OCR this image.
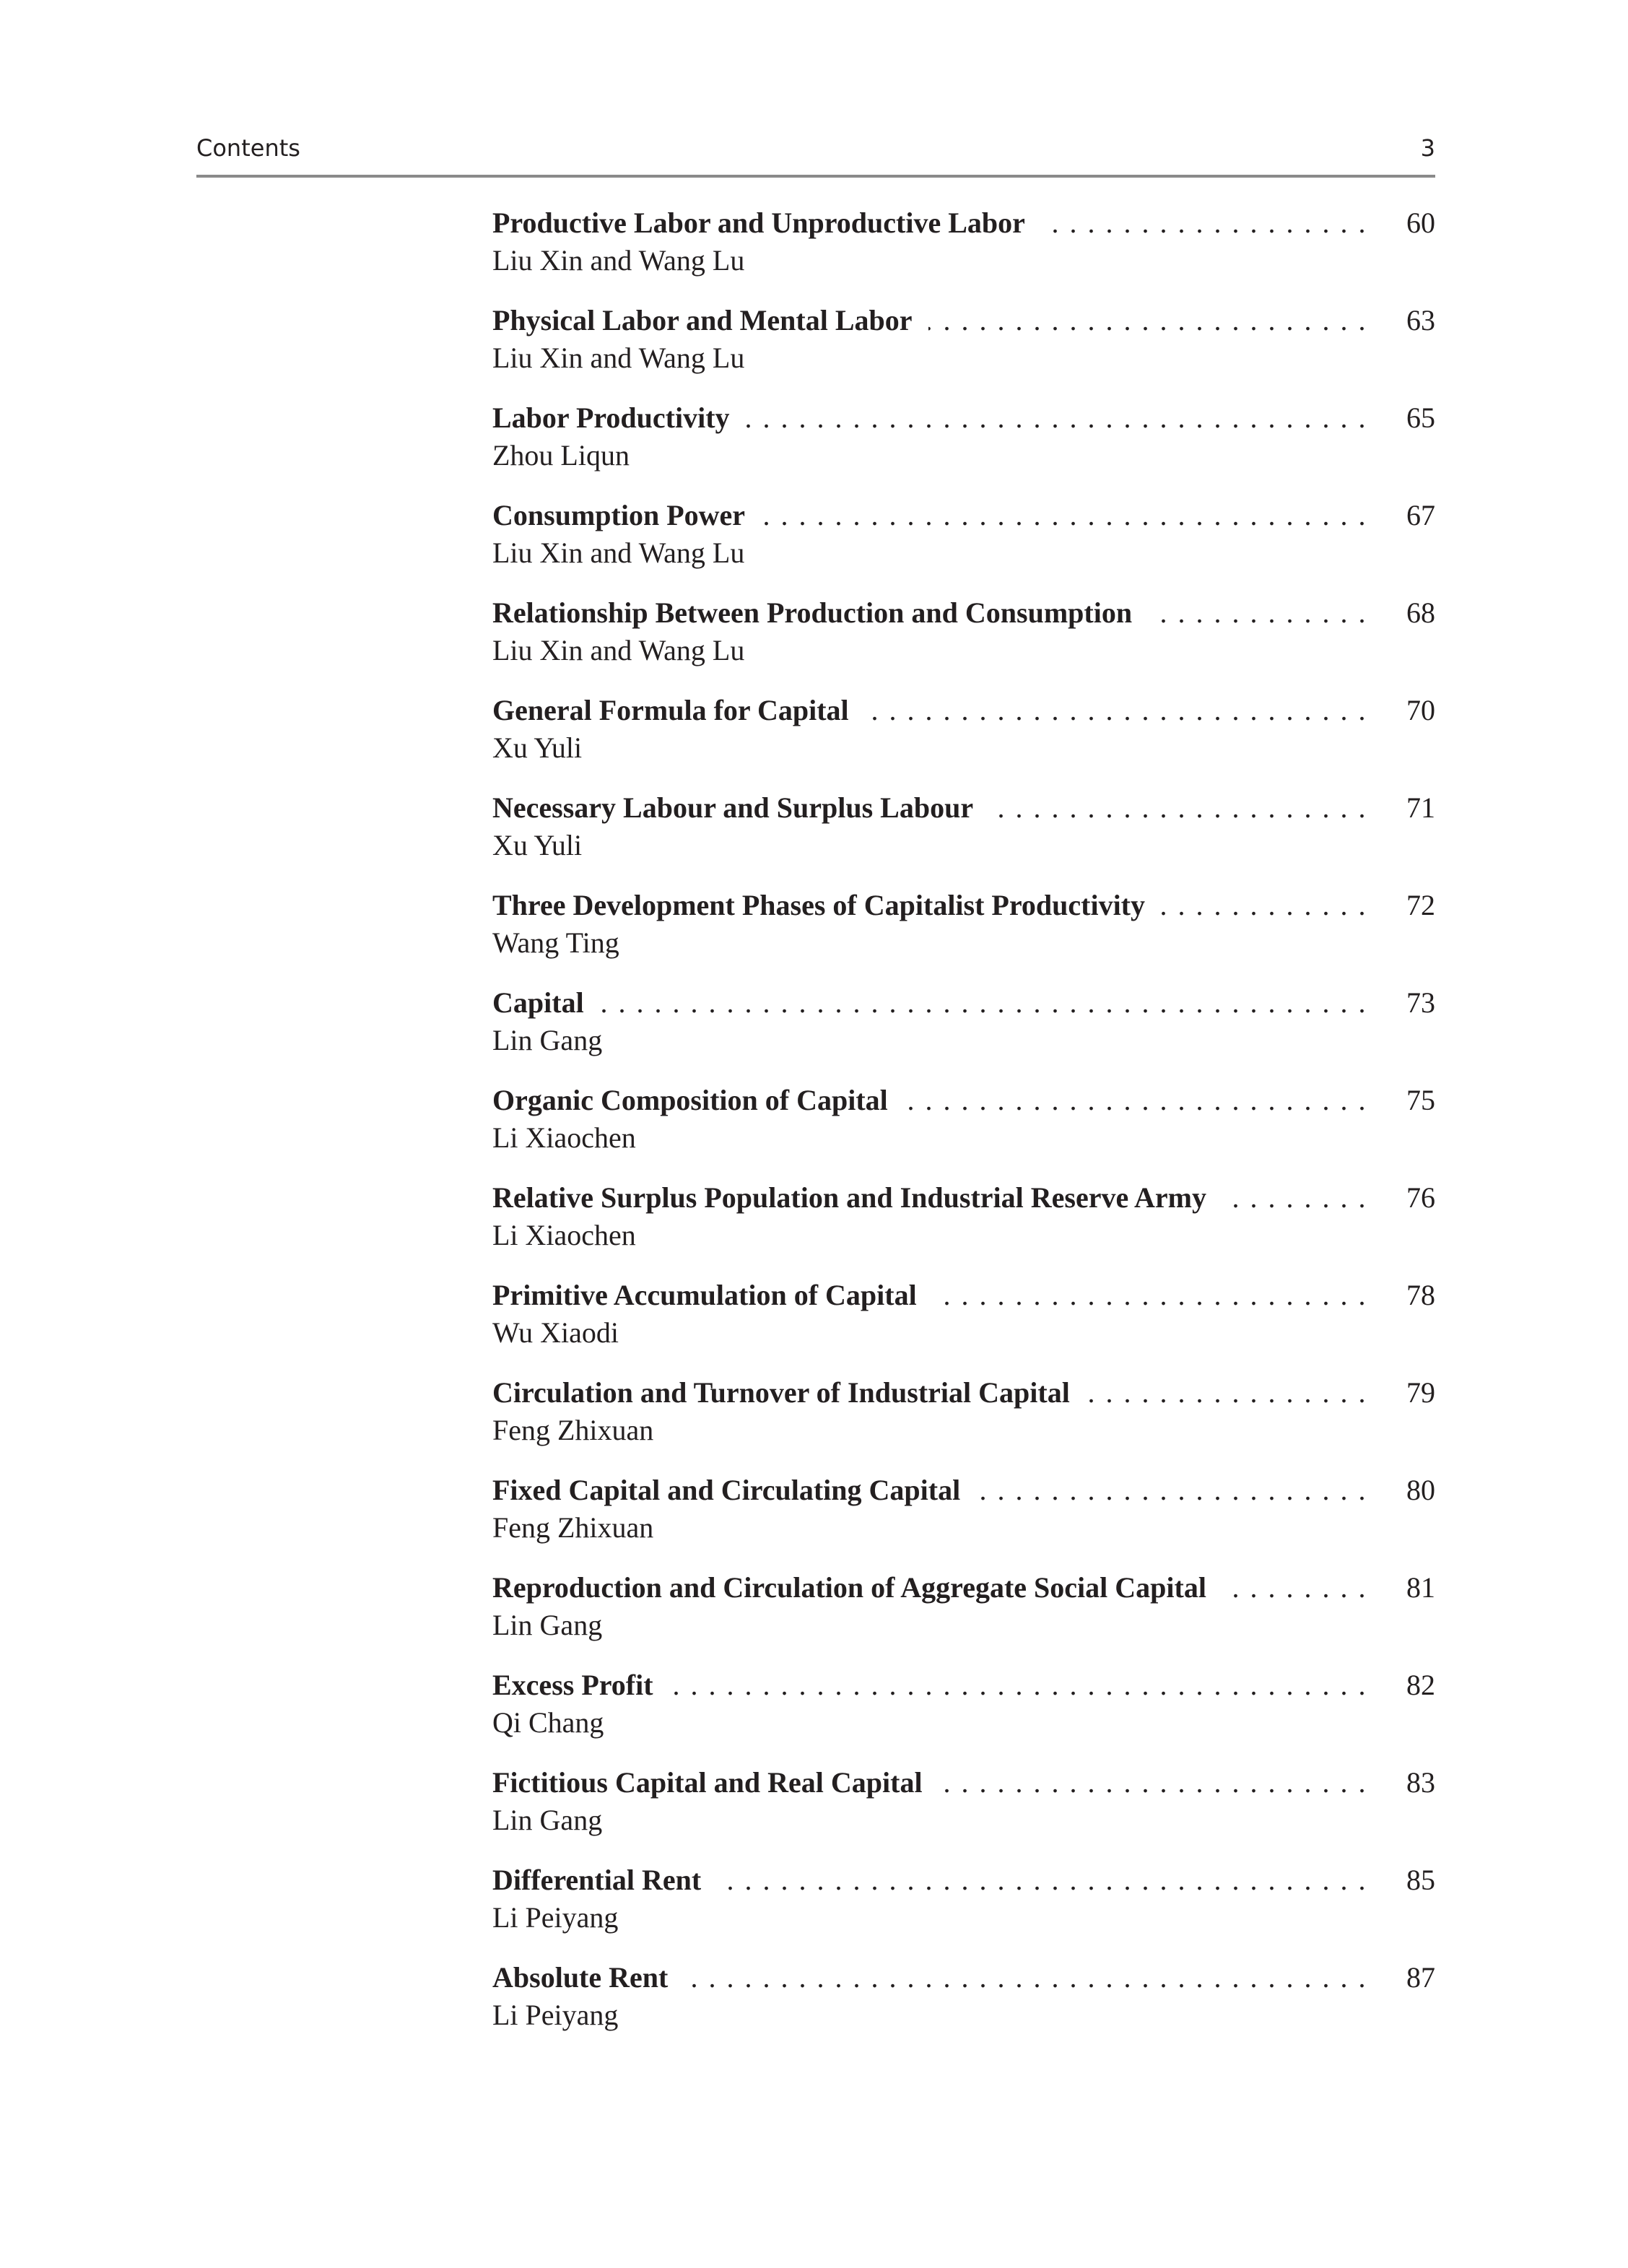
Contents	3
Productive Labor and Unproductive Labor . . .	60
Liu Xin and Wang Lu
Physical Labor and Mental Labor . . .	63
Liu Xin and Wang Lu
Labor Productivity . . .	65
Zhou Liqun
Consumption Power . . .	67
Liu Xin and Wang Lu
Relationship Between Production and Consumption . . .	68
Liu Xin and Wang Lu
General Formula for Capital . . .	70
Xu Yuli
Necessary Labour and Surplus Labour . . .	71
Xu Yuli
Three Development Phases of Capitalist Productivity . . .	72
Wang Ting
Capital . . .	73
Lin Gang
Organic Composition of Capital . . .	75
Li Xiaochen
Relative Surplus Population and Industrial Reserve Army . . .	76
Li Xiaochen
Primitive Accumulation of Capital . . .	78
Wu Xiaodi
Circulation and Turnover of Industrial Capital . . .	79
Feng Zhixuan
Fixed Capital and Circulating Capital . . .	80
Feng Zhixuan
Reproduction and Circulation of Aggregate Social Capital . . .	81
Lin Gang
Excess Profit . . .	82
Qi Chang
Fictitious Capital and Real Capital . . .	83
Lin Gang
Differential Rent . . .	85
Li Peiyang
Absolute Rent . . .	87
Li Peiyang
